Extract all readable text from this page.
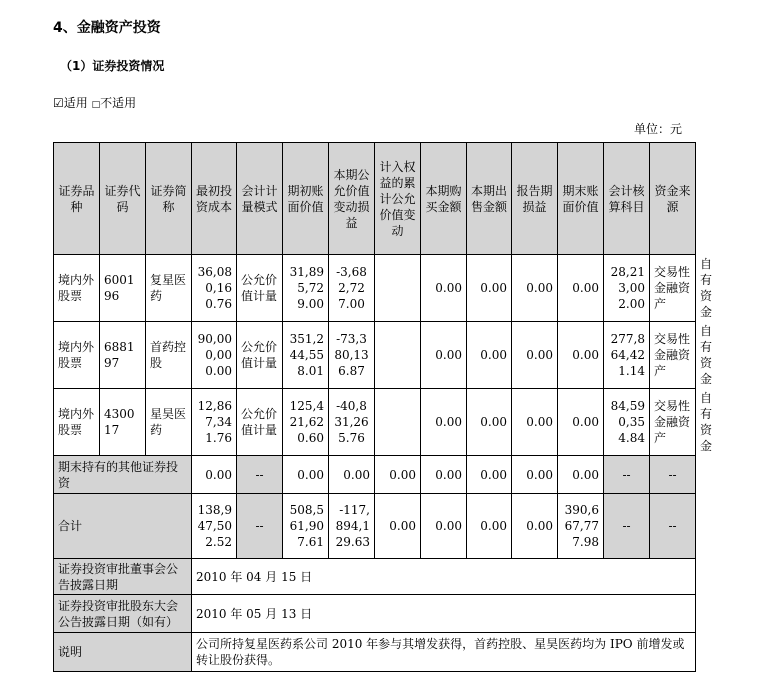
4、金融资产投资
（1）证券投资情况
☑适用 □不适用
单位：元
证券品种	证券代码	证券简称	最初投资成本	会计计量模式	期初账面价值	本期公允价值变动损益	计入权益的累计公允价值变动	本期购买金额	本期出售金额	报告期损益	期末账面价值	会计核算科目	资金来源	
境内外股票	600196	复星医药	36,080,160.76	公允价值计量	31,895,729.00	-3,682,727.00		0.00	0.00	0.00	0.00	28,213,002.00	交易性金融资产	自有资金
境内外股票	688197	首药控股	90,000,000.00	公允价值计量	351,244,558.01	-73,380,136.87		0.00	0.00	0.00	0.00	277,864,421.14	交易性金融资产	自有资金
境内外股票	430017	星昊医药	12,867,341.76	公允价值计量	125,421,620.60	-40,831,265.76		0.00	0.00	0.00	0.00	84,590,354.84	交易性金融资产	自有资金
期末持有的其他证券投资			0.00	--	0.00	0.00	0.00	0.00	0.00	0.00	0.00	--	--	
合计			138,947,502.52	--	508,561,907.61	-117,894,129.63	0.00	0.00	0.00	0.00	390,667,777.98	--	--	
证券投资审批董事会公告披露日期			2010 年 04 月 15 日											
证券投资审批股东大会公告披露日期（如有）			2010 年 05 月 13 日											
说明			公司所持复星医药系公司 2010 年参与其增发获得，首药控股、星昊医药均为 IPO 前增发或转让股份获得。											
